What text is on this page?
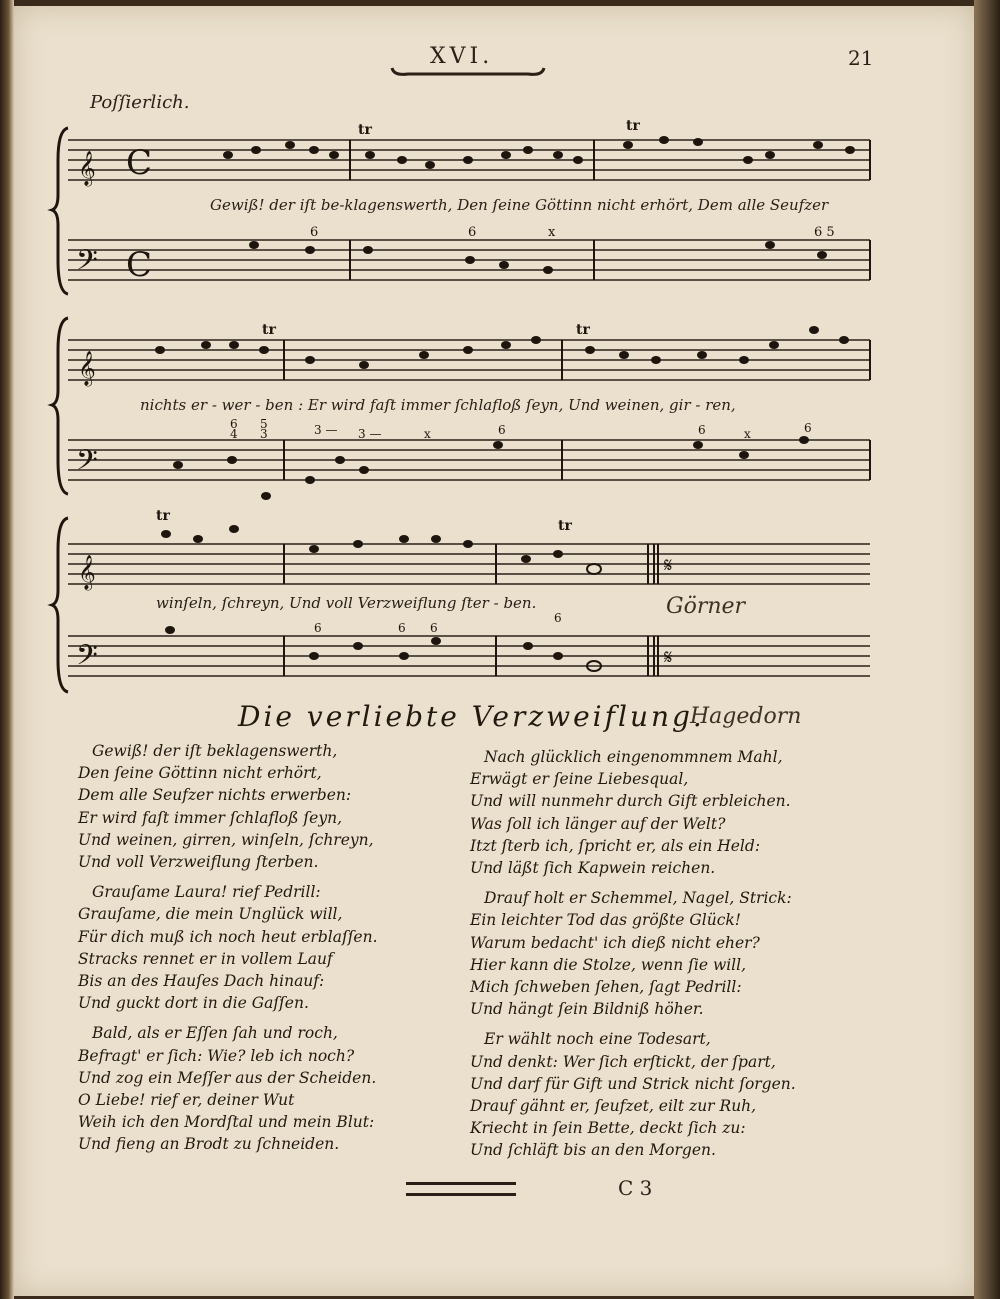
XVI.	21
Poſſierlich.
𝄞 C
𝄢 C
tr	tr
6	6	x	6 5
Gewiß! der iſt be-klagenswerth, Den ſeine Göttinn nicht erhört, Dem alle Seufzer
𝄞
𝄢
tr	tr
6
4
5
3	3 — 3 —	x	6	6	x	6
nichts er - wer - ben : Er wird faſt immer ſchlafloß ſeyn, Und weinen, gir - ren,
𝄞
𝄢
𝄋
𝄋
tr
tr
6	6 6
6
winſeln, ſchreyn, Und voll Verzweiflung ſter - ben.	Görner
Die verliebte Verzweiflung.
Hagedorn
Gewiß! der iſt beklagenswerth,
Den ſeine Göttinn nicht erhört,
Dem alle Seufzer nichts erwerben:
Er wird faſt immer ſchlafloß ſeyn,
Und weinen, girren, winſeln, ſchreyn,
Und voll Verzweiflung ſterben.
Grauſame Laura! rief Pedrill:
Grauſame, die mein Unglück will,
Für dich muß ich noch heut erblaſſen.
Stracks rennet er in vollem Lauf
Bis an des Hauſes Dach hinauf:
Und guckt dort in die Gaſſen.
Bald, als er Eſſen ſah und roch,
Befragt' er ſich: Wie? leb ich noch?
Und zog ein Meſſer aus der Scheiden.
O Liebe! rief er, deiner Wut
Weih ich den Mordſtal und mein Blut:
Und fieng an Brodt zu ſchneiden.
Nach glücklich eingenommnem Mahl,
Erwägt er ſeine Liebesqual,
Und will nunmehr durch Gift erbleichen.
Was ſoll ich länger auf der Welt?
Itzt ſterb ich, ſpricht er, als ein Held:
Und läßt ſich Kapwein reichen.
Drauf holt er Schemmel, Nagel, Strick:
Ein leichter Tod das größte Glück!
Warum bedacht' ich dieß nicht eher?
Hier kann die Stolze, wenn ſie will,
Mich ſchweben ſehen, ſagt Pedrill:
Und hängt ſein Bildniß höher.
Er wählt noch eine Todesart,
Und denkt: Wer ſich erſtickt, der ſpart,
Und darf für Gift und Strick nicht ſorgen.
Drauf gähnt er, ſeufzet, eilt zur Ruh,
Kriecht in ſein Bette, deckt ſich zu:
Und ſchläft bis an den Morgen.
C 3
